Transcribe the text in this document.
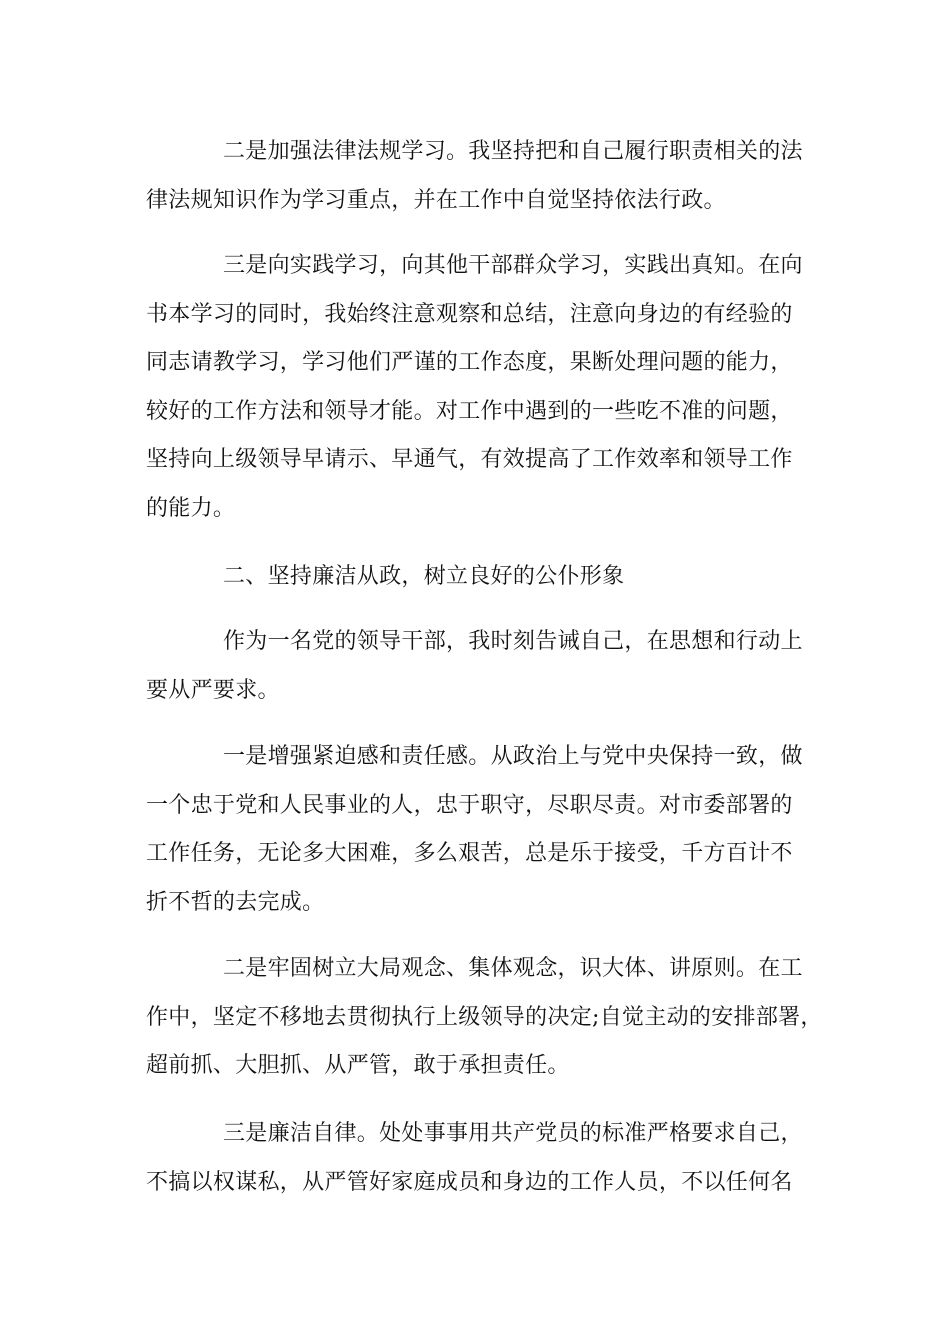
二是加强法律法规学习。我坚持把和自己履行职责相关的法
律法规知识作为学习重点，并在工作中自觉坚持依法行政。

三是向实践学习，向其他干部群众学习，实践出真知。在向
书本学习的同时，我始终注意观察和总结，注意向身边的有经验的
同志请教学习，学习他们严谨的工作态度，果断处理问题的能力，
较好的工作方法和领导才能。对工作中遇到的一些吃不准的问题，
坚持向上级领导早请示、早通气，有效提高了工作效率和领导工作
的能力。

二、坚持廉洁从政，树立良好的公仆形象

作为一名党的领导干部，我时刻告诫自己，在思想和行动上
要从严要求。

一是增强紧迫感和责任感。从政治上与党中央保持一致，做
一个忠于党和人民事业的人，忠于职守，尽职尽责。对市委部署的
工作任务，无论多大困难，多么艰苦，总是乐于接受，千方百计不
折不哲的去完成。

二是牢固树立大局观念、集体观念，识大体、讲原则。在工
作中，坚定不移地去贯彻执行上级领导的决定;自觉主动的安排部署，
超前抓、大胆抓、从严管，敢于承担责任。

三是廉洁自律。处处事事用共产党员的标准严格要求自己，
不搞以权谋私，从严管好家庭成员和身边的工作人员，不以任何名
